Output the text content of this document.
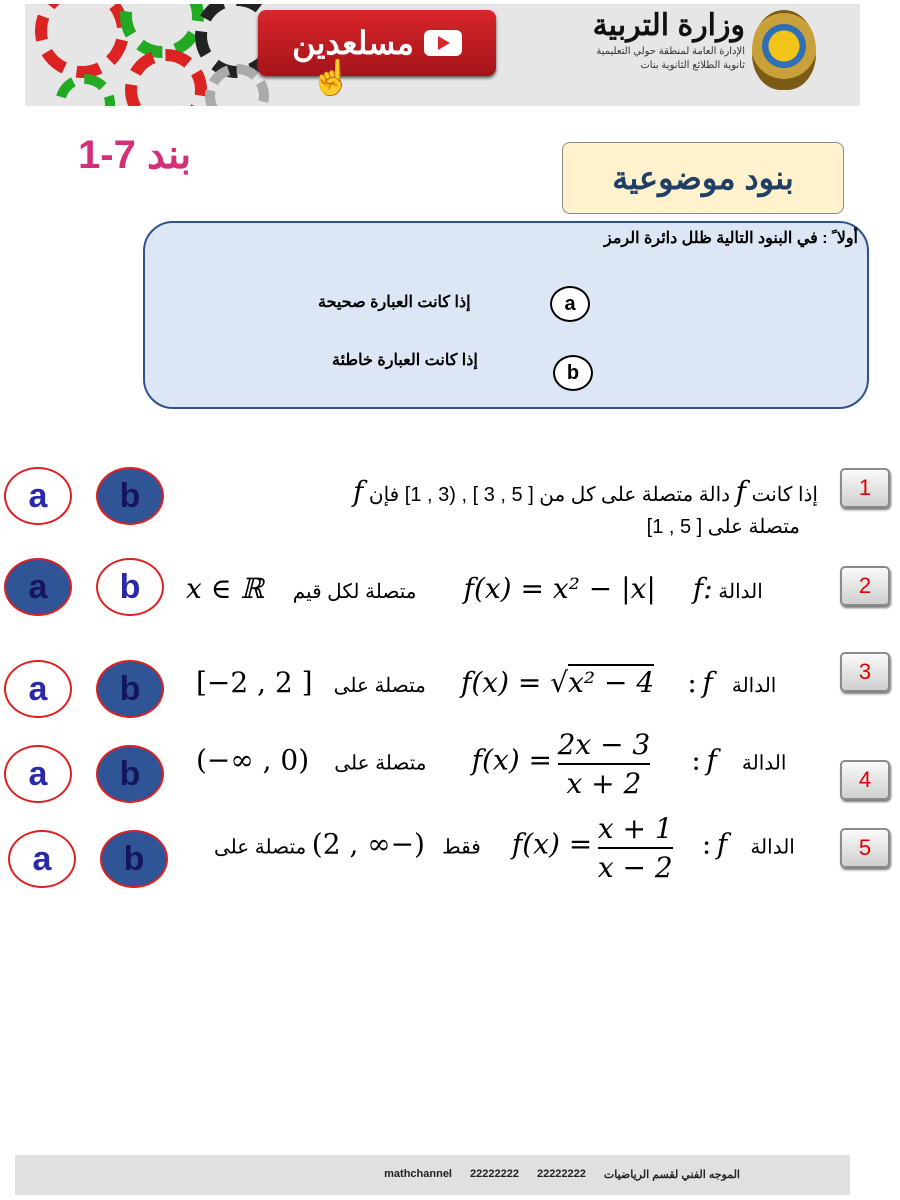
مسلعدين
☝
وزارة التربية
الإدارة العامة لمنطقة حولي التعليمية
ثانوية الطلائع الثانوية بنات
بند 7-1
بنود موضوعية
أولا ً : في البنود التالية ظلل دائرة الرمز
a
إذا كانت العبارة صحيحة
b
إذا كانت العبارة خاطئة
1
a	b	إذا كانت f دالة متصلة على كل من [ 5 , 3 ] , (3 , 1] فإن f
متصلة على [ 5 , 1]
2
a	b	x ∈ ℝ متصلة لكل قيم f(x) = x² − |x| f: الدالة
3
a	b	[−2 , 2 ] متصلة على f(x) = √x² − 4 : f الدالة
4
a	b	(−∞ , 0) متصلة على $f(x) = \frac{2x - 3}{x + 2}$ : f الدالة
5
a	b	فقط  (−∞ , 2) متصلة على	$f(x) = \frac{x + 1}{x - 2}$ : f الدالة
الموجه الفني لقسم الرياضيات
22222222
22222222
mathchannel
